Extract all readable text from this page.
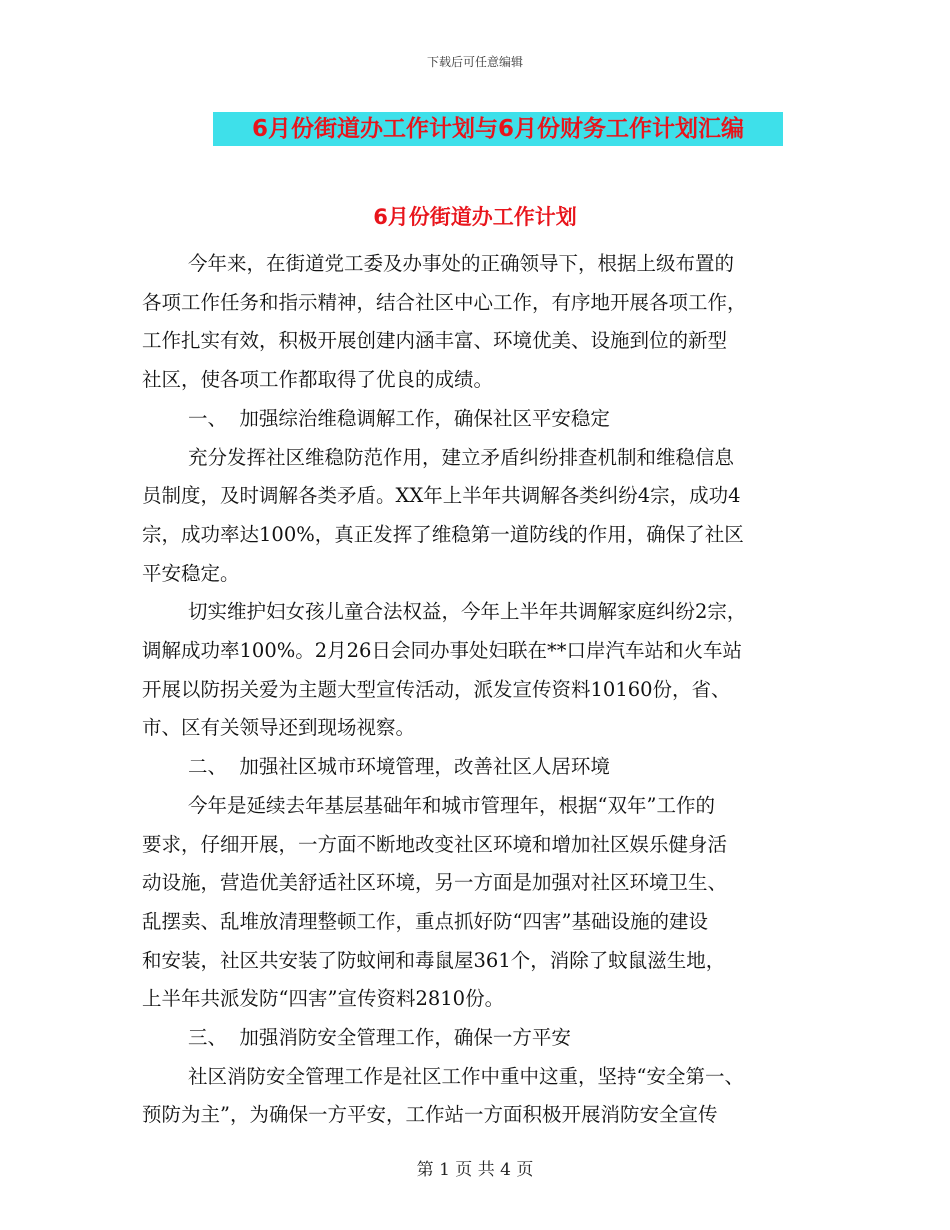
下载后可任意编辑
6月份街道办工作计划与6月份财务工作计划汇编
6月份街道办工作计划

今年来，在街道党工委及办事处的正确领导下，根据上级布置的
各项工作任务和指示精神，结合社区中心工作，有序地开展各项工作，
工作扎实有效，积极开展创建内涵丰富、环境优美、设施到位的新型
社区，使各项工作都取得了优良的成绩。

一、  加强综治维稳调解工作，确保社区平安稳定

充分发挥社区维稳防范作用，建立矛盾纠纷排查机制和维稳信息
员制度，及时调解各类矛盾。XX年上半年共调解各类纠纷4宗，成功4
宗，成功率达100%，真正发挥了维稳第一道防线的作用，确保了社区
平安稳定。

切实维护妇女孩儿童合法权益，今年上半年共调解家庭纠纷2宗，
调解成功率100%。2月26日会同办事处妇联在**口岸汽车站和火车站
开展以防拐关爱为主题大型宣传活动，派发宣传资料10160份，省、
市、区有关领导还到现场视察。

二、  加强社区城市环境管理，改善社区人居环境

今年是延续去年基层基础年和城市管理年，根据“双年”工作的
要求，仔细开展，一方面不断地改变社区环境和增加社区娱乐健身活
动设施，营造优美舒适社区环境，另一方面是加强对社区环境卫生、
乱摆卖、乱堆放清理整顿工作，重点抓好防“四害”基础设施的建设
和安装，社区共安装了防蚊闸和毒鼠屋361个，消除了蚊鼠滋生地，
上半年共派发防“四害”宣传资料2810份。

三、  加强消防安全管理工作，确保一方平安

社区消防安全管理工作是社区工作中重中这重，坚持“安全第一、
预防为主”，为确保一方平安，工作站一方面积极开展消防安全宣传

第 1 页 共 4 页
